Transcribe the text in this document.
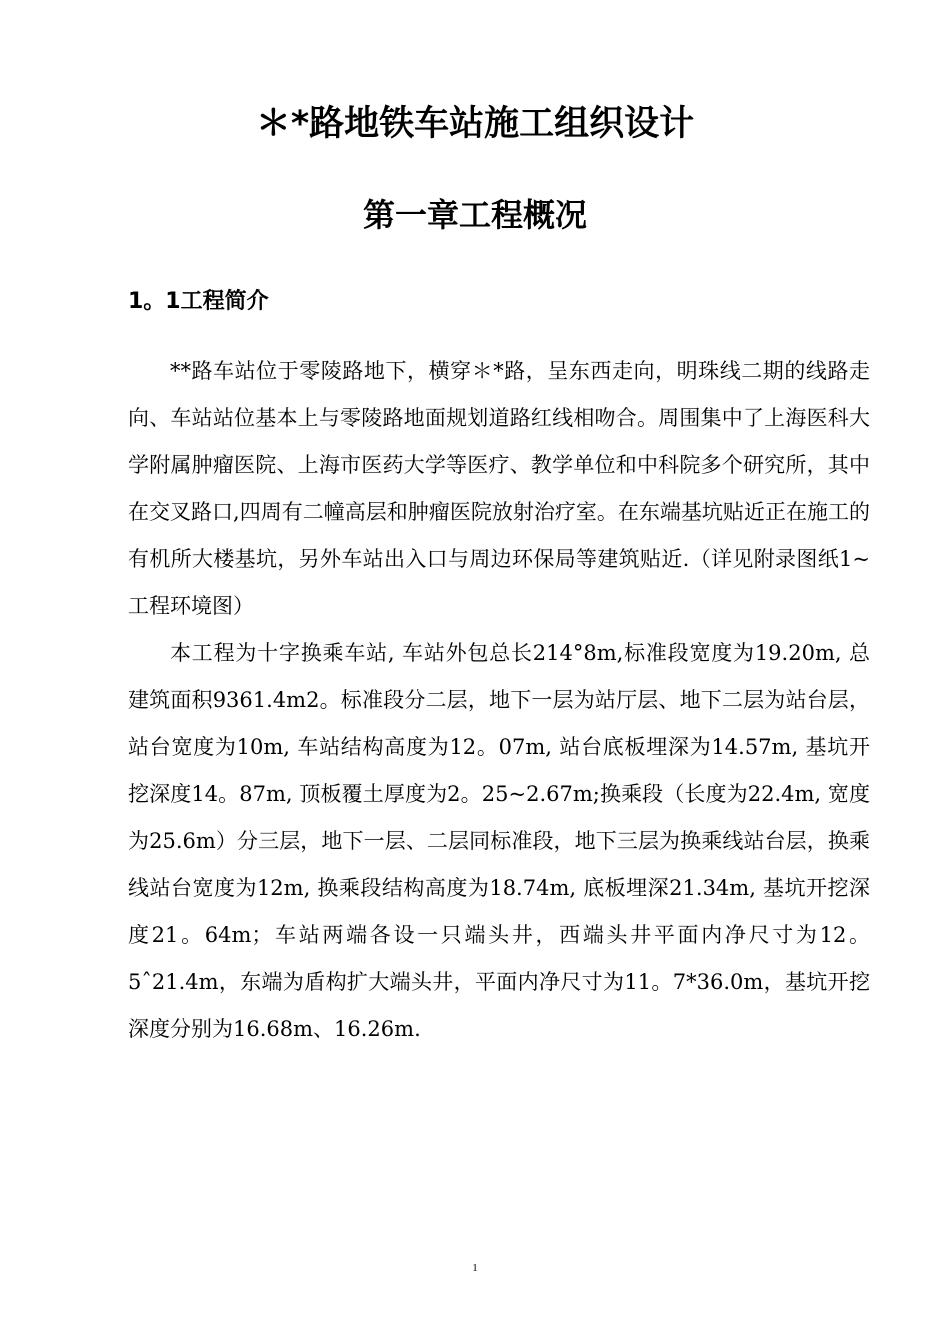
＊*路地铁车站施工组织设计
第一章工程概况
1。1工程简介

**路车站位于零陵路地下，横穿＊*路，呈东西走向，明珠线二期的线路走向、车站站位基本上与零陵路地面规划道路红线相吻合。周围集中了上海医科大学附属肿瘤医院、上海市医药大学等医疗、教学单位和中科院多个研究所，其中在交叉路口,四周有二幢高层和肿瘤医院放射治疗室。在东端基坑贴近正在施工的有机所大楼基坑，另外车站出入口与周边环保局等建筑贴近.（详见附录图纸1~工程环境图）

本工程为十字换乘车站, 车站外包总长214°8m,标准段宽度为19.20m, 总建筑面积9361.4m2。标准段分二层，地下一层为站厅层、地下二层为站台层，站台宽度为10m, 车站结构高度为12。07m, 站台底板埋深为14.57m, 基坑开挖深度14。87m, 顶板覆土厚度为2。25~2.67m;换乘段（长度为22.4m, 宽度为25.6m）分三层，地下一层、二层同标准段，地下三层为换乘线站台层，换乘线站台宽度为12m, 换乘段结构高度为18.74m, 底板埋深21.34m, 基坑开挖深度21。64m；车站两端各设一只端头井，西端头井平面内净尺寸为12。5ˆ21.4m，东端为盾构扩大端头井，平面内净尺寸为11。7*36.0m，基坑开挖深度分别为16.68m、16.26m.

1
